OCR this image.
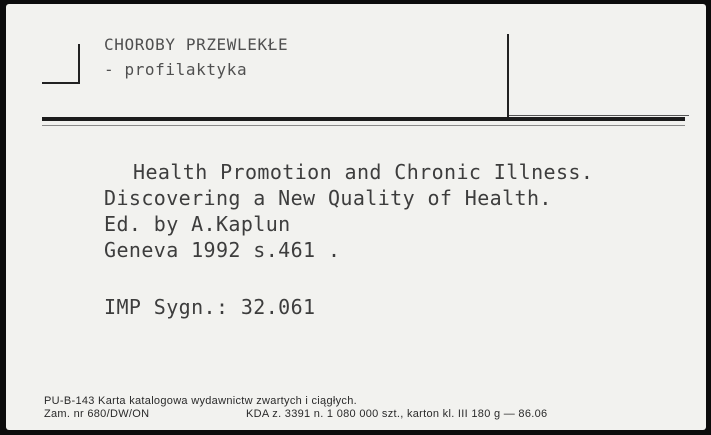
CHOROBY PRZEWLEKŁE
- profilaktyka
Health Promotion and Chronic Illness.
Discovering a New Quality of Health.
Ed. by A.Kaplun
Geneva 1992 s.461 .
IMP Sygn.: 32.061
PU-B-143 Karta katalogowa wydawnictw zwartych i ciągłych.
Zam. nr 680/DW/ON	KDA z. 3391 n. 1 080 000 szt., karton kl. III 180 g — 86.06
